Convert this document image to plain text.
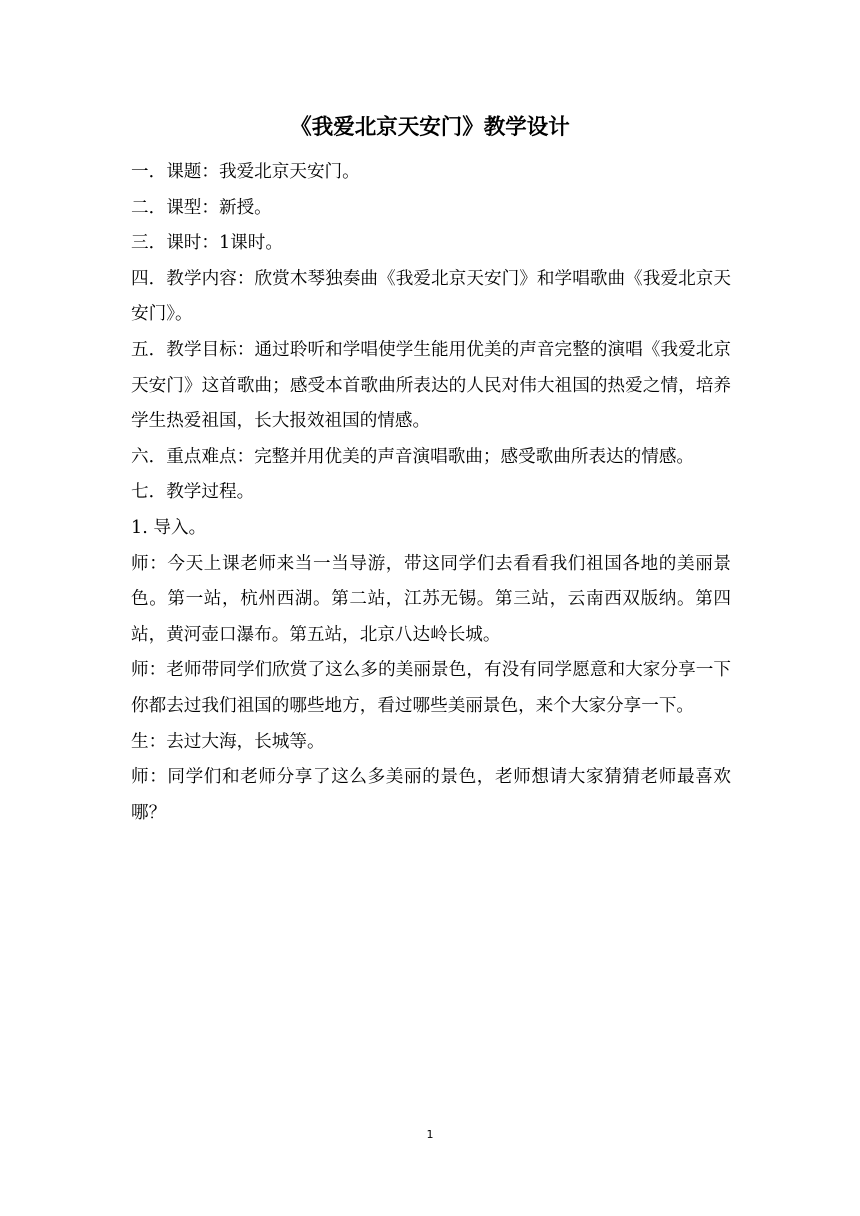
《我爱北京天安门》教学设计

一．课题：我爱北京天安门。

二．课型：新授。

三．课时：1课时。

四．教学内容：欣赏木琴独奏曲《我爱北京天安门》和学唱歌曲《我爱北京天安门》。

五．教学目标：通过聆听和学唱使学生能用优美的声音完整的演唱《我爱北京天安门》这首歌曲；感受本首歌曲所表达的人民对伟大祖国的热爱之情，培养学生热爱祖国，长大报效祖国的情感。

六．重点难点：完整并用优美的声音演唱歌曲；感受歌曲所表达的情感。

七．教学过程。

1. 导入。

师：今天上课老师来当一当导游，带这同学们去看看我们祖国各地的美丽景色。第一站，杭州西湖。第二站，江苏无锡。第三站，云南西双版纳。第四站，黄河壶口瀑布。第五站，北京八达岭长城。

师：老师带同学们欣赏了这么多的美丽景色，有没有同学愿意和大家分享一下你都去过我们祖国的哪些地方，看过哪些美丽景色，来个大家分享一下。

生：去过大海，长城等。

师：同学们和老师分享了这么多美丽的景色，老师想请大家猜猜老师最喜欢哪？

1
